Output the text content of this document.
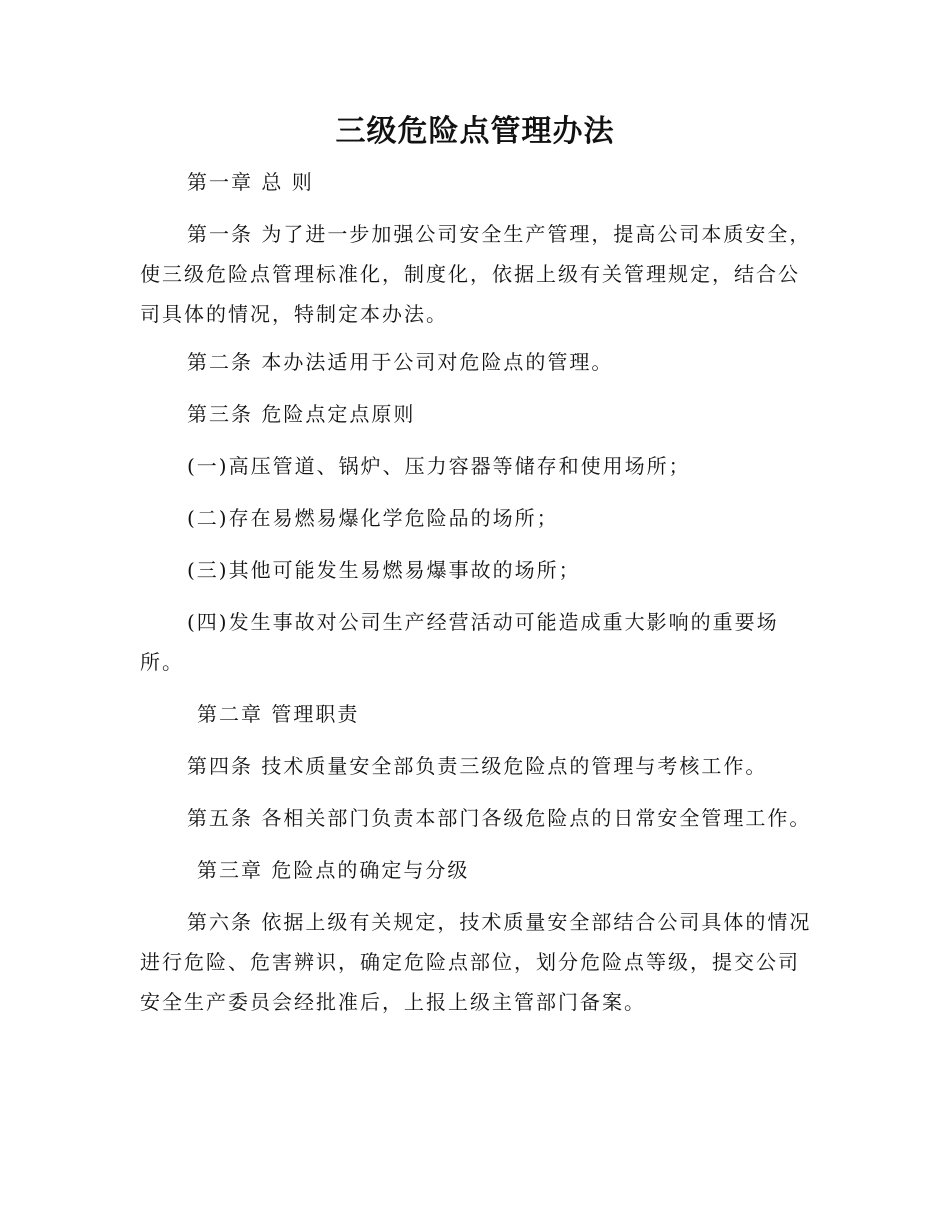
三级危险点管理办法

第一章 总 则

第一条 为了进一步加强公司安全生产管理，提高公司本质安全，
使三级危险点管理标准化，制度化，依据上级有关管理规定，结合公
司具体的情况，特制定本办法。

第二条 本办法适用于公司对危险点的管理。

第三条 危险点定点原则

(一)高压管道、锅炉、压力容器等储存和使用场所；

(二)存在易燃易爆化学危险品的场所；

(三)其他可能发生易燃易爆事故的场所；

(四)发生事故对公司生产经营活动可能造成重大影响的重要场
所。

第二章 管理职责

第四条 技术质量安全部负责三级危险点的管理与考核工作。

第五条 各相关部门负责本部门各级危险点的日常安全管理工作。

第三章 危险点的确定与分级

第六条 依据上级有关规定，技术质量安全部结合公司具体的情况
进行危险、危害辨识，确定危险点部位，划分危险点等级，提交公司
安全生产委员会经批准后，上报上级主管部门备案。
